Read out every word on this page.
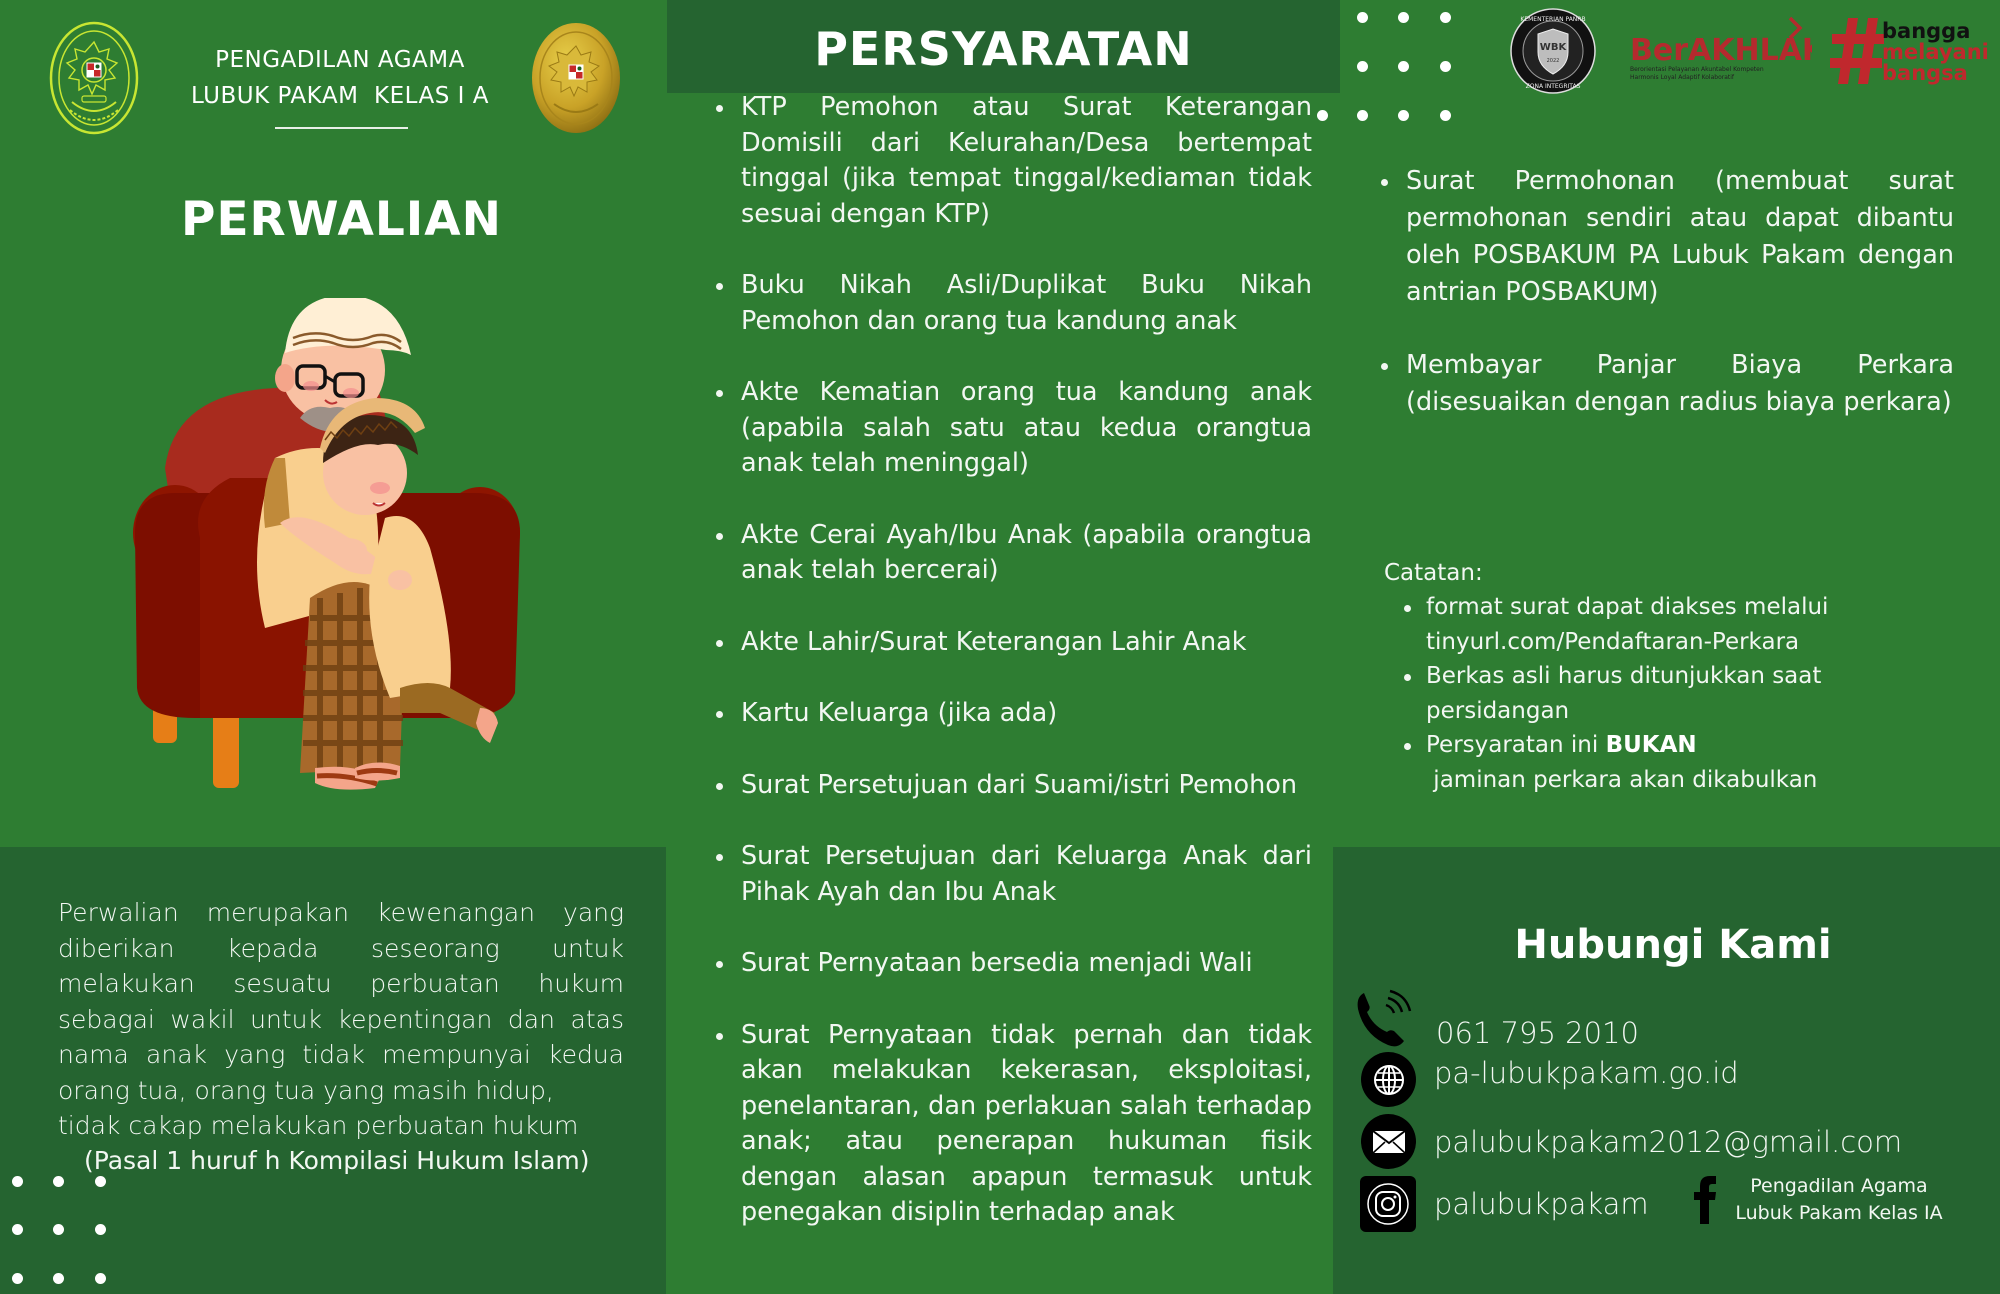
PENGADILAN AGAMA
LUBUK PAKAM  KELAS I A
PERWALIAN
Perwalian merupakan kewenangan yang diberikan kepada seseorang untuk melakukan sesuatu perbuatan hukum sebagai wakil untuk kepentingan dan atas nama anak yang tidak mempunyai kedua orang tua, orang tua yang masih hidup,
tidak cakap melakukan perbuatan hukum
(Pasal 1 huruf h Kompilasi Hukum Islam)
PERSYARATAN
KTP Pemohon atau Surat Keterangan Domisili dari Kelurahan/Desa bertempat tinggal (jika tempat tinggal/kediaman tidak sesuai dengan KTP)
Buku Nikah Asli/Duplikat Buku Nikah Pemohon dan orang tua kandung anak
Akte Kematian orang tua kandung anak (apabila salah satu atau kedua orangtua anak telah meninggal)
Akte Cerai Ayah/Ibu Anak (apabila orangtua anak telah bercerai)
Akte Lahir/Surat Keterangan Lahir Anak
Kartu Keluarga (jika ada)
Surat Persetujuan dari Suami/istri Pemohon
Surat Persetujuan dari Keluarga Anak dari Pihak Ayah dan Ibu Anak
Surat Pernyataan bersedia menjadi Wali
Surat Pernyataan tidak pernah dan tidak akan melakukan kekerasan, eksploitasi, penelantaran, dan perlakuan salah terhadap anak; atau penerapan hukuman fisik dengan alasan apapun termasuk untuk penegakan disiplin terhadap anak
WBK
2022
KEMENTERIAN PANRB
ZONA INTEGRITAS
BerAKHLAK
Berorientasi Pelayanan Akuntabel Kompeten
Harmonis Loyal Adaptif Kolaboratif
bangga
melayani
bangsa
Surat Permohonan (membuat surat permohonan sendiri atau dapat dibantu oleh POSBAKUM PA Lubuk Pakam dengan antrian POSBAKUM)
Membayar Panjar Biaya Perkara (disesuaikan dengan radius biaya perkara)
Catatan:
format surat dapat diakses melalui tinyurl.com/Pendaftaran-Perkara
Berkas asli harus ditunjukkan saat persidangan
Persyaratan ini BUKAN jaminan perkara akan dikabulkan
Hubungi Kami
061 795 2010
pa-lubukpakam.go.id
palubukpakam2012@gmail.com
palubukpakam
Pengadilan Agama
Lubuk Pakam Kelas IA
